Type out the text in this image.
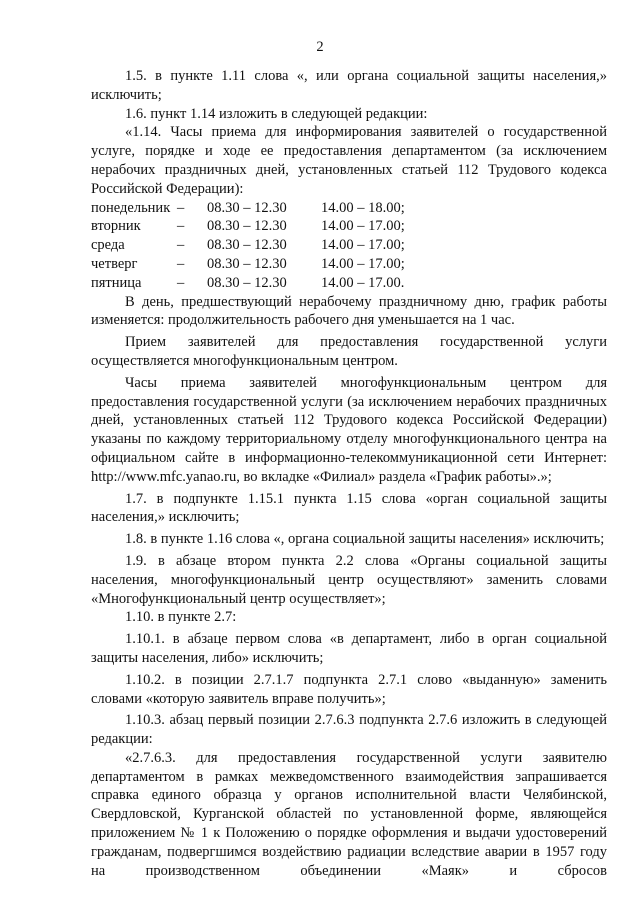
2

1.5. в пункте 1.11 слова «, или органа социальной защиты населения,» исключить;

1.6. пункт 1.14 изложить в следующей редакции:

«1.14. Часы приема для информирования заявителей о государственной услуге, порядке и ходе ее предоставления департаментом (за исключением нерабочих праздничных дней, установленных статьей 112 Трудового кодекса Российской Федерации):

понедельник	–	08.30 – 12.30	14.00 – 18.00;
вторник	–	08.30 – 12.30	14.00 – 17.00;
среда	–	08.30 – 12.30	14.00 – 17.00;
четверг	–	08.30 – 12.30	14.00 – 17.00;
пятница	–	08.30 – 12.30	14.00 – 17.00.

В день, предшествующий нерабочему праздничному дню, график работы изменяется: продолжительность рабочего дня уменьшается на 1 час.

Прием заявителей для предоставления государственной услуги осуществляется многофункциональным центром.

Часы приема заявителей многофункциональным центром для предоставления государственной услуги (за исключением нерабочих праздничных дней, установленных статьей 112 Трудового кодекса Российской Федерации) указаны по каждому территориальному отделу многофункционального центра на официальном сайте в информационно-телекоммуникационной сети Интернет: http://www.mfc.yanao.ru, во вкладке «Филиал» раздела «График работы».»;

1.7. в подпункте 1.15.1 пункта 1.15 слова «орган социальной защиты населения,» исключить;

1.8. в пункте 1.16 слова «, органа социальной защиты населения» исключить;

1.9. в абзаце втором пункта 2.2 слова «Органы социальной защиты населения, многофункциональный центр осуществляют» заменить словами «Многофункциональный центр осуществляет»;

1.10. в пункте 2.7:

1.10.1. в абзаце первом слова «в департамент, либо в орган социальной защиты населения, либо» исключить;

1.10.2. в позиции 2.7.1.7 подпункта 2.7.1 слово «выданную» заменить словами «которую заявитель вправе получить»;

1.10.3. абзац первый позиции 2.7.6.3 подпункта 2.7.6 изложить в следующей редакции:

«2.7.6.3. для предоставления государственной услуги заявителю департаментом в рамках межведомственного взаимодействия запрашивается справка единого образца у органов исполнительной власти Челябинской, Свердловской, Курганской областей по установленной форме, являющейся приложением № 1 к Положению о порядке оформления и выдачи удостоверений гражданам, подвергшимся воздействию радиации вследствие аварии в 1957 году на производственном объединении «Маяк» и сбросов
